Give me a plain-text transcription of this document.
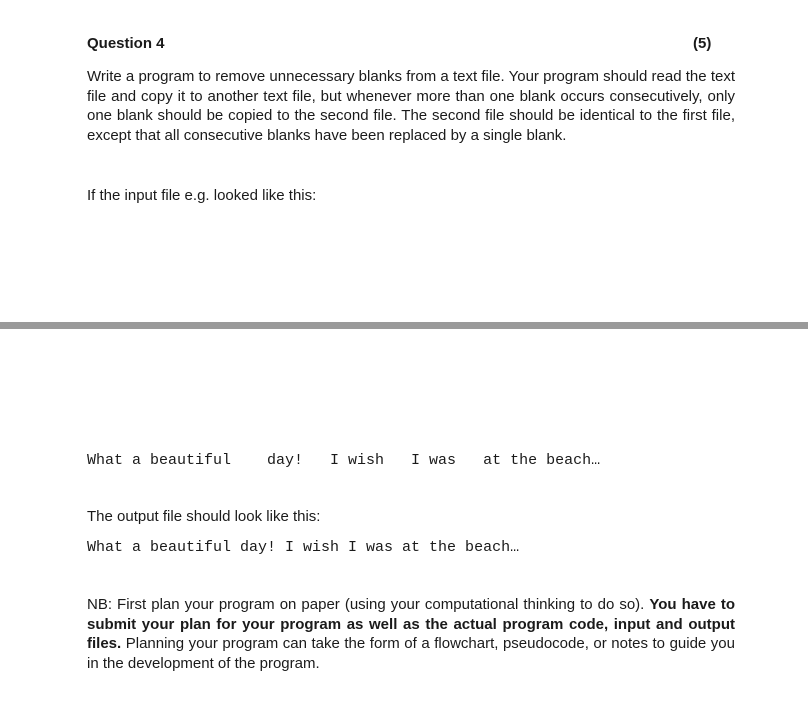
Question 4	(5)
Write a program to remove unnecessary blanks from a text file. Your program should read the text file and copy it to another text file, but whenever more than one blank occurs consecutively, only one blank should be copied to the second file. The second file should be identical to the first file, except that all consecutive blanks have been replaced by a single blank.
If the input file e.g. looked like this:
What a beautiful    day!   I wish   I was   at the beach…
The output file should look like this:
What a beautiful day! I wish I was at the beach…
NB: First plan your program on paper (using your computational thinking to do so). You have to submit your plan for your program as well as the actual program code, input and output files. Planning your program can take the form of a flowchart, pseudocode, or notes to guide you in the development of the program.
